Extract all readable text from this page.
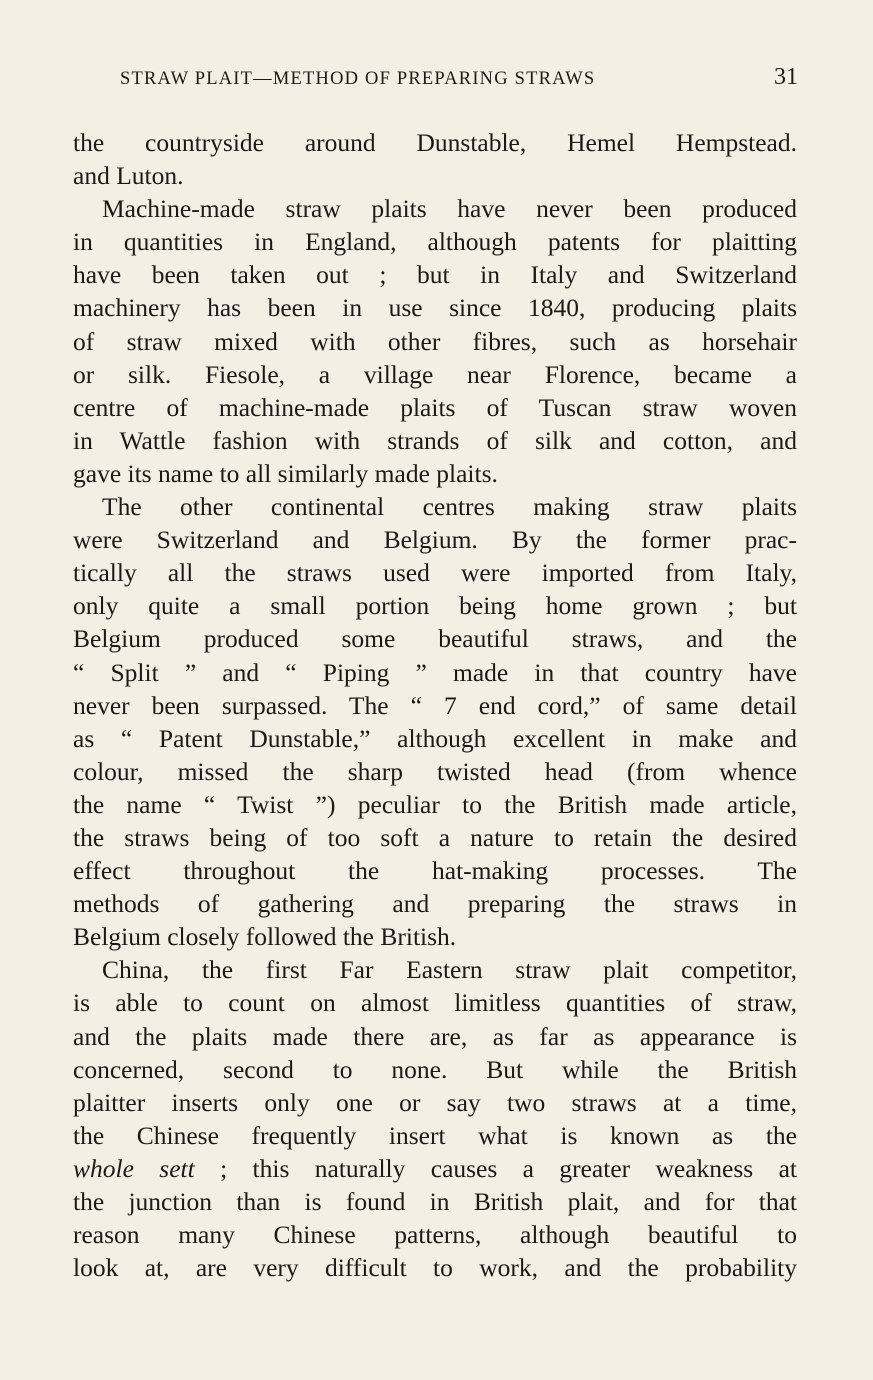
STRAW PLAIT—METHOD OF PREPARING STRAWS	31
the countryside around Dunstable, Hemel Hempstead.
and Luton.
Machine-made straw plaits have never been produced
in quantities in England, although patents for plaitting
have been taken out ; but in Italy and Switzerland
machinery has been in use since 1840, producing plaits
of straw mixed with other fibres, such as horsehair
or silk. Fiesole, a village near Florence, became a
centre of machine-made plaits of Tuscan straw woven
in Wattle fashion with strands of silk and cotton, and
gave its name to all similarly made plaits.
The other continental centres making straw plaits
were Switzerland and Belgium. By the former prac-
tically all the straws used were imported from Italy,
only quite a small portion being home grown ; but
Belgium produced some beautiful straws, and the
“ Split ” and “ Piping ” made in that country have
never been surpassed. The “ 7 end cord,” of same detail
as “ Patent Dunstable,” although excellent in make and
colour, missed the sharp twisted head (from whence
the name “ Twist ”) peculiar to the British made article,
the straws being of too soft a nature to retain the desired
effect throughout the hat-making processes. The
methods of gathering and preparing the straws in
Belgium closely followed the British.
China, the first Far Eastern straw plait competitor,
is able to count on almost limitless quantities of straw,
and the plaits made there are, as far as appearance is
concerned, second to none. But while the British
plaitter inserts only one or say two straws at a time,
the Chinese frequently insert what is known as the
whole sett ; this naturally causes a greater weakness at
the junction than is found in British plait, and for that
reason many Chinese patterns, although beautiful to
look at, are very difficult to work, and the probability
